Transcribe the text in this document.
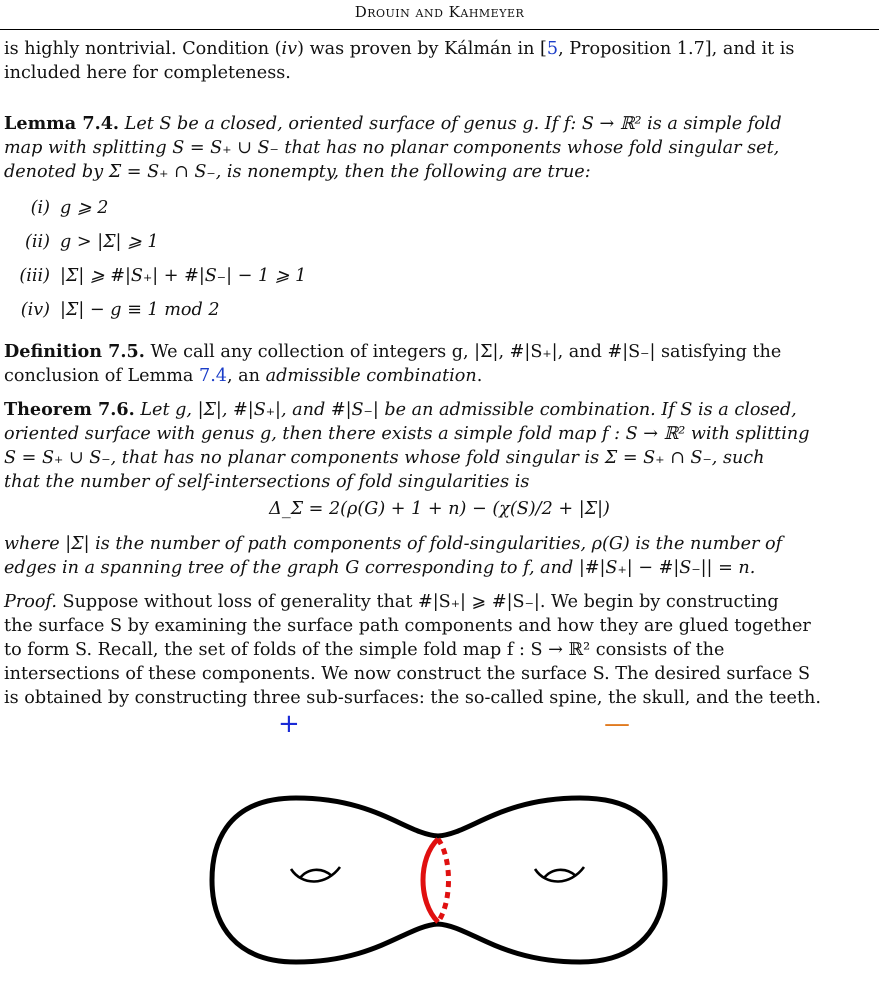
Drouin and Kahmeyer

is highly nontrivial. Condition (iv) was proven by Kálmán in [5, Proposition 1.7], and it is

included here for completeness.

Lemma 7.4. Let S be a closed, oriented surface of genus g. If f: S → ℝ² is a simple fold

map with splitting S = S₊ ∪ S₋ that has no planar components whose fold singular set,

denoted by Σ = S₊ ∩ S₋, is nonempty, then the following are true:

(i) g ⩾ 2
(ii) g > |Σ| ⩾ 1
(iii) |Σ| ⩾ #|S₊| + #|S₋| − 1 ⩾ 1
(iv) |Σ| − g ≡ 1 mod 2

Definition 7.5. We call any collection of integers g, |Σ|, #|S₊|, and #|S₋| satisfying the

conclusion of Lemma 7.4, an admissible combination.

Theorem 7.6. Let g, |Σ|, #|S₊|, and #|S₋| be an admissible combination. If S is a closed,

oriented surface with genus g, then there exists a simple fold map f : S → ℝ² with splitting

S = S₊ ∪ S₋, that has no planar components whose fold singular is Σ = S₊ ∩ S₋, such

that the number of self-intersections of fold singularities is

Δ_Σ = 2(ρ(G) + 1 + n) − (χ(S)/2 + |Σ|)

where |Σ| is the number of path components of fold-singularities, ρ(G) is the number of

edges in a spanning tree of the graph G corresponding to f, and |#|S₊| − #|S₋|| = n.

Proof. Suppose without loss of generality that #|S₊| ⩾ #|S₋|. We begin by constructing

the surface S by examining the surface path components and how they are glued together

to form S. Recall, the set of folds of the simple fold map f : S → ℝ² consists of the

intersections of these components. We now construct the surface S. The desired surface S

is obtained by constructing three sub-surfaces: the so-called spine, the skull, and the teeth.

+	—
